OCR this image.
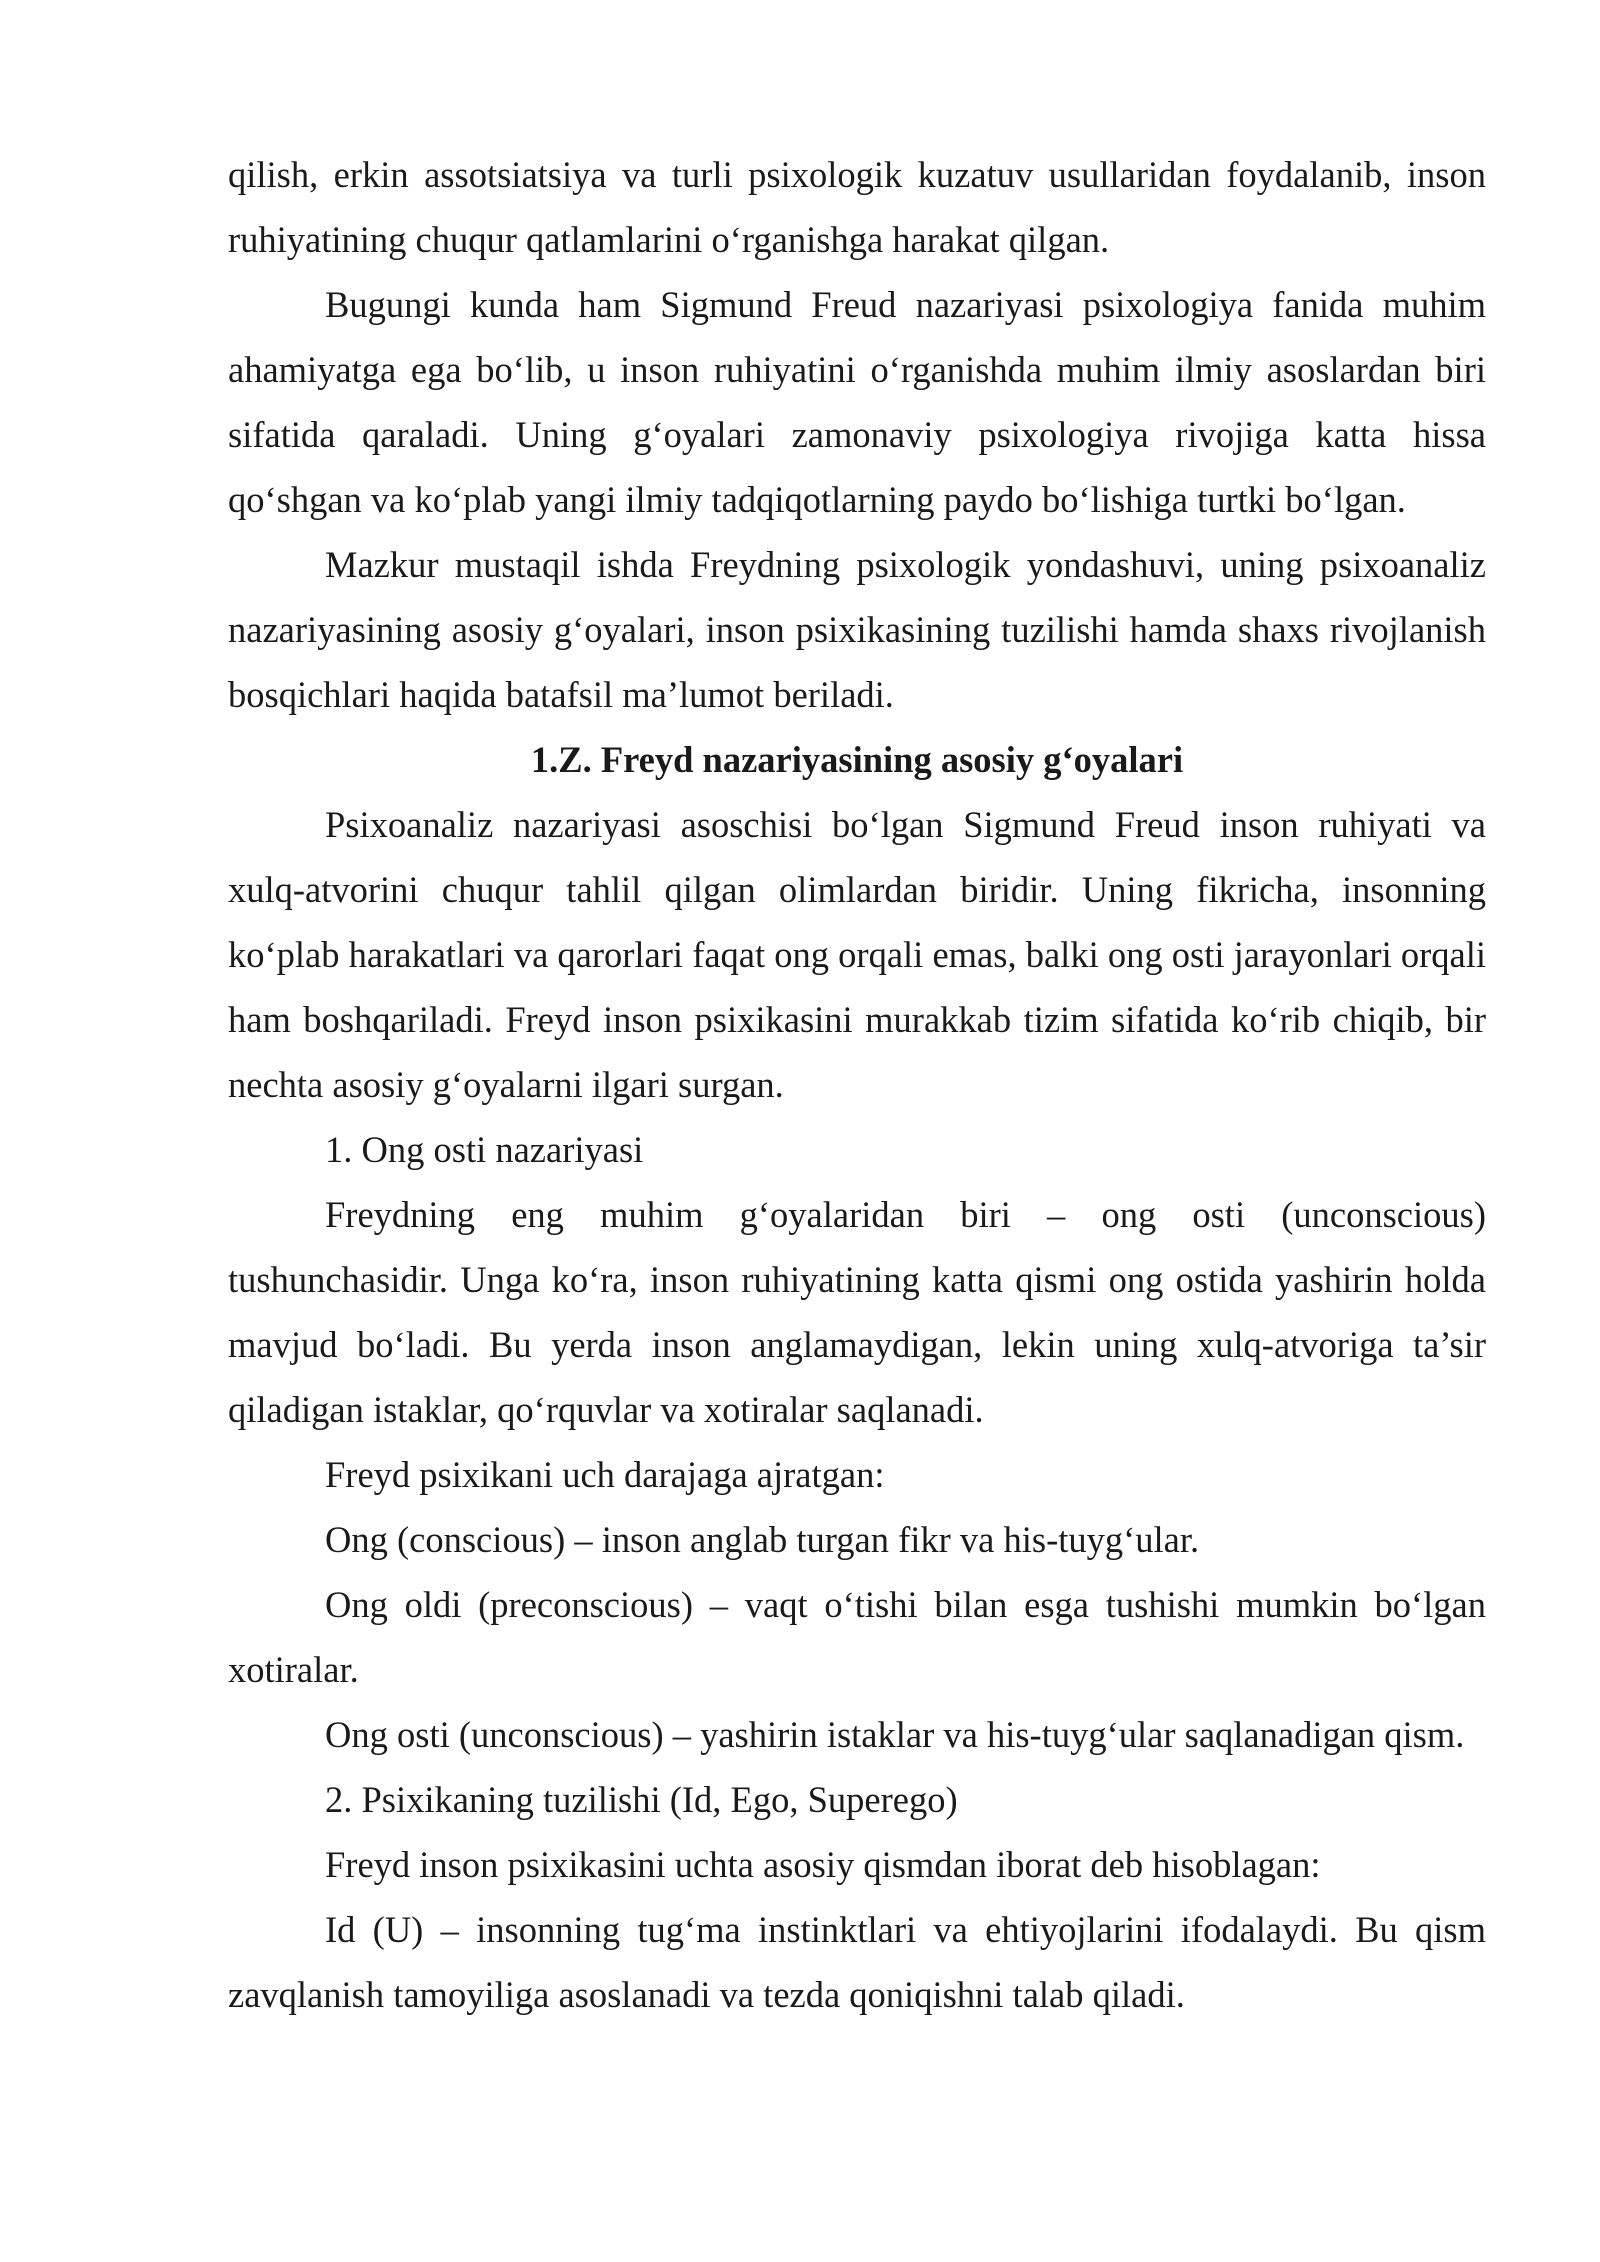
qilish, erkin assotsiatsiya va turli psixologik kuzatuv usullaridan foydalanib, inson ruhiyatining chuqur qatlamlarini o‘rganishga harakat qilgan.

Bugungi kunda ham Sigmund Freud nazariyasi psixologiya fanida muhim ahamiyatga ega bo‘lib, u inson ruhiyatini o‘rganishda muhim ilmiy asoslardan biri sifatida qaraladi. Uning g‘oyalari zamonaviy psixologiya rivojiga katta hissa qo‘shgan va ko‘plab yangi ilmiy tadqiqotlarning paydo bo‘lishiga turtki bo‘lgan.

Mazkur mustaqil ishda Freydning psixologik yondashuvi, uning psixoanaliz nazariyasining asosiy g‘oyalari, inson psixikasining tuzilishi hamda shaxs rivojlanish bosqichlari haqida batafsil ma’lumot beriladi.

1.Z. Freyd nazariyasining asosiy g‘oyalari

Psixoanaliz nazariyasi asoschisi bo‘lgan Sigmund Freud inson ruhiyati va xulq-atvorini chuqur tahlil qilgan olimlardan biridir. Uning fikricha, insonning ko‘plab harakatlari va qarorlari faqat ong orqali emas, balki ong osti jarayonlari orqali ham boshqariladi. Freyd inson psixikasini murakkab tizim sifatida ko‘rib chiqib, bir nechta asosiy g‘oyalarni ilgari surgan.

1. Ong osti nazariyasi

Freydning eng muhim g‘oyalaridan biri – ong osti (unconscious) tushunchasidir. Unga ko‘ra, inson ruhiyatining katta qismi ong ostida yashirin holda mavjud bo‘ladi. Bu yerda inson anglamaydigan, lekin uning xulq-atvoriga ta’sir qiladigan istaklar, qo‘rquvlar va xotiralar saqlanadi.

Freyd psixikani uch darajaga ajratgan:

Ong (conscious) – inson anglab turgan fikr va his-tuyg‘ular.

Ong oldi (preconscious) – vaqt o‘tishi bilan esga tushishi mumkin bo‘lgan xotiralar.

Ong osti (unconscious) – yashirin istaklar va his-tuyg‘ular saqlanadigan qism.

2. Psixikaning tuzilishi (Id, Ego, Superego)

Freyd inson psixikasini uchta asosiy qismdan iborat deb hisoblagan:

Id (U) – insonning tug‘ma instinktlari va ehtiyojlarini ifodalaydi. Bu qism zavqlanish tamoyiliga asoslanadi va tezda qoniqishni talab qiladi.
